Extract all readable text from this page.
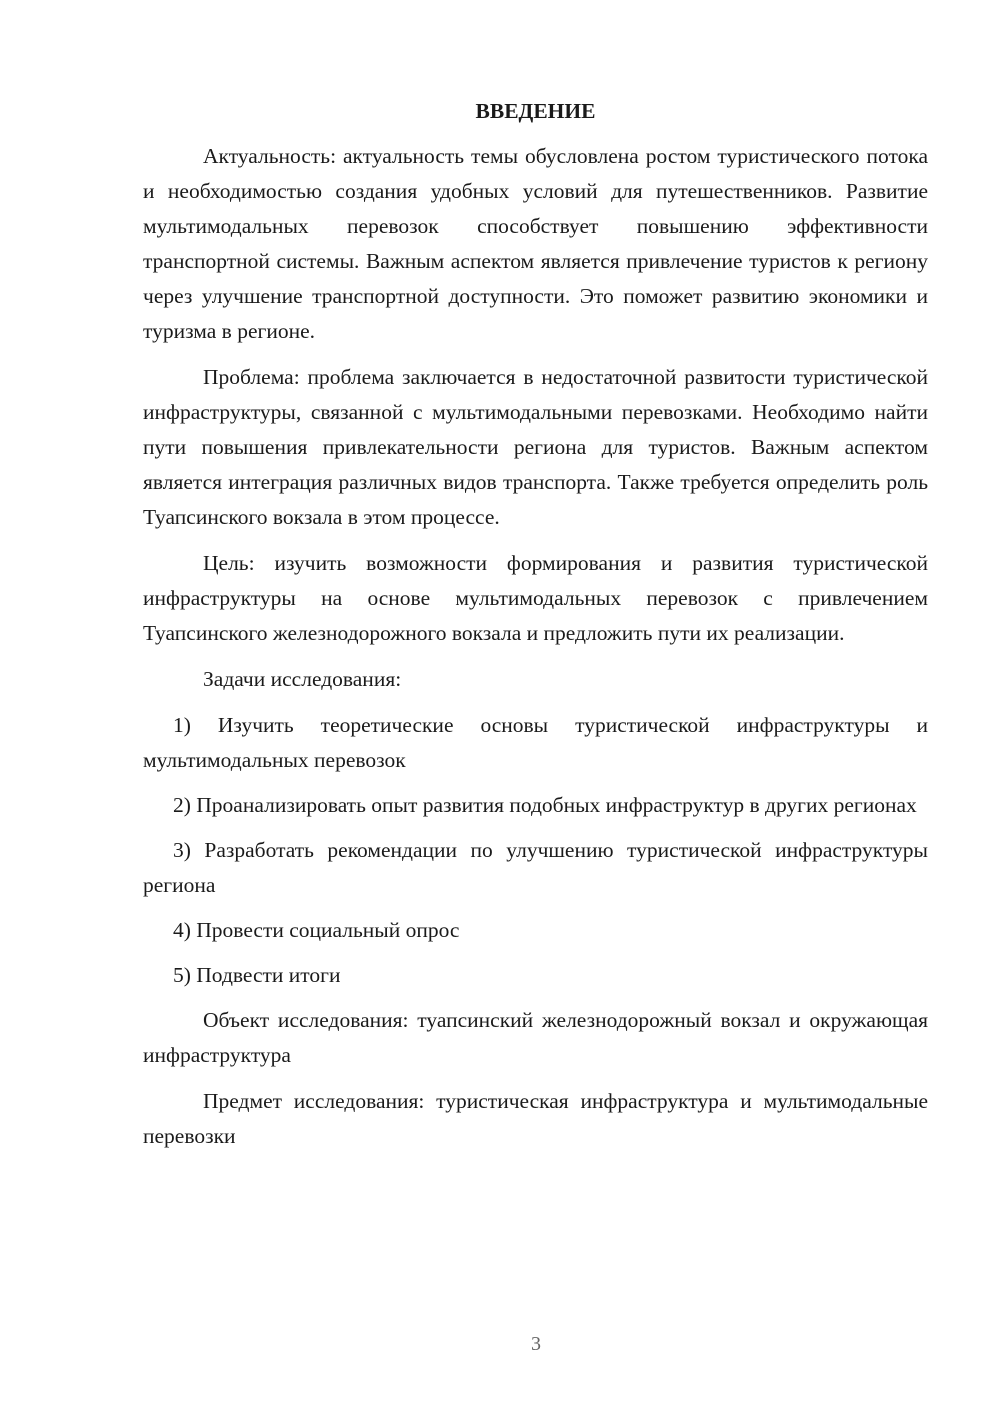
ВВЕДЕНИЕ

Актуальность: актуальность темы обусловлена ростом туристического потока и необходимостью создания удобных условий для путешественников. Развитие мультимодальных перевозок способствует повышению эффективности транспортной системы. Важным аспектом является привлечение туристов к региону через улучшение транспортной доступности. Это поможет развитию экономики и туризма в регионе.

Проблема: проблема заключается в недостаточной развитости туристической инфраструктуры, связанной с мультимодальными перевозками. Необходимо найти пути повышения привлекательности региона для туристов. Важным аспектом является интеграция различных видов транспорта. Также требуется определить роль Туапсинского вокзала в этом процессе.

Цель: изучить возможности формирования и развития туристической инфраструктуры на основе мультимодальных перевозок с привлечением Туапсинского железнодорожного вокзала и предложить пути их реализации.

Задачи исследования:

1) Изучить теоретические основы туристической инфраструктуры и мультимодальных перевозок

2) Проанализировать опыт развития подобных инфраструктур в других регионах

3) Разработать рекомендации по улучшению туристической инфраструктуры региона

4) Провести социальный опрос

5) Подвести итоги

Объект исследования: туапсинский железнодорожный вокзал и окружающая инфраструктура

Предмет исследования: туристическая инфраструктура и мультимодальные перевозки

3
